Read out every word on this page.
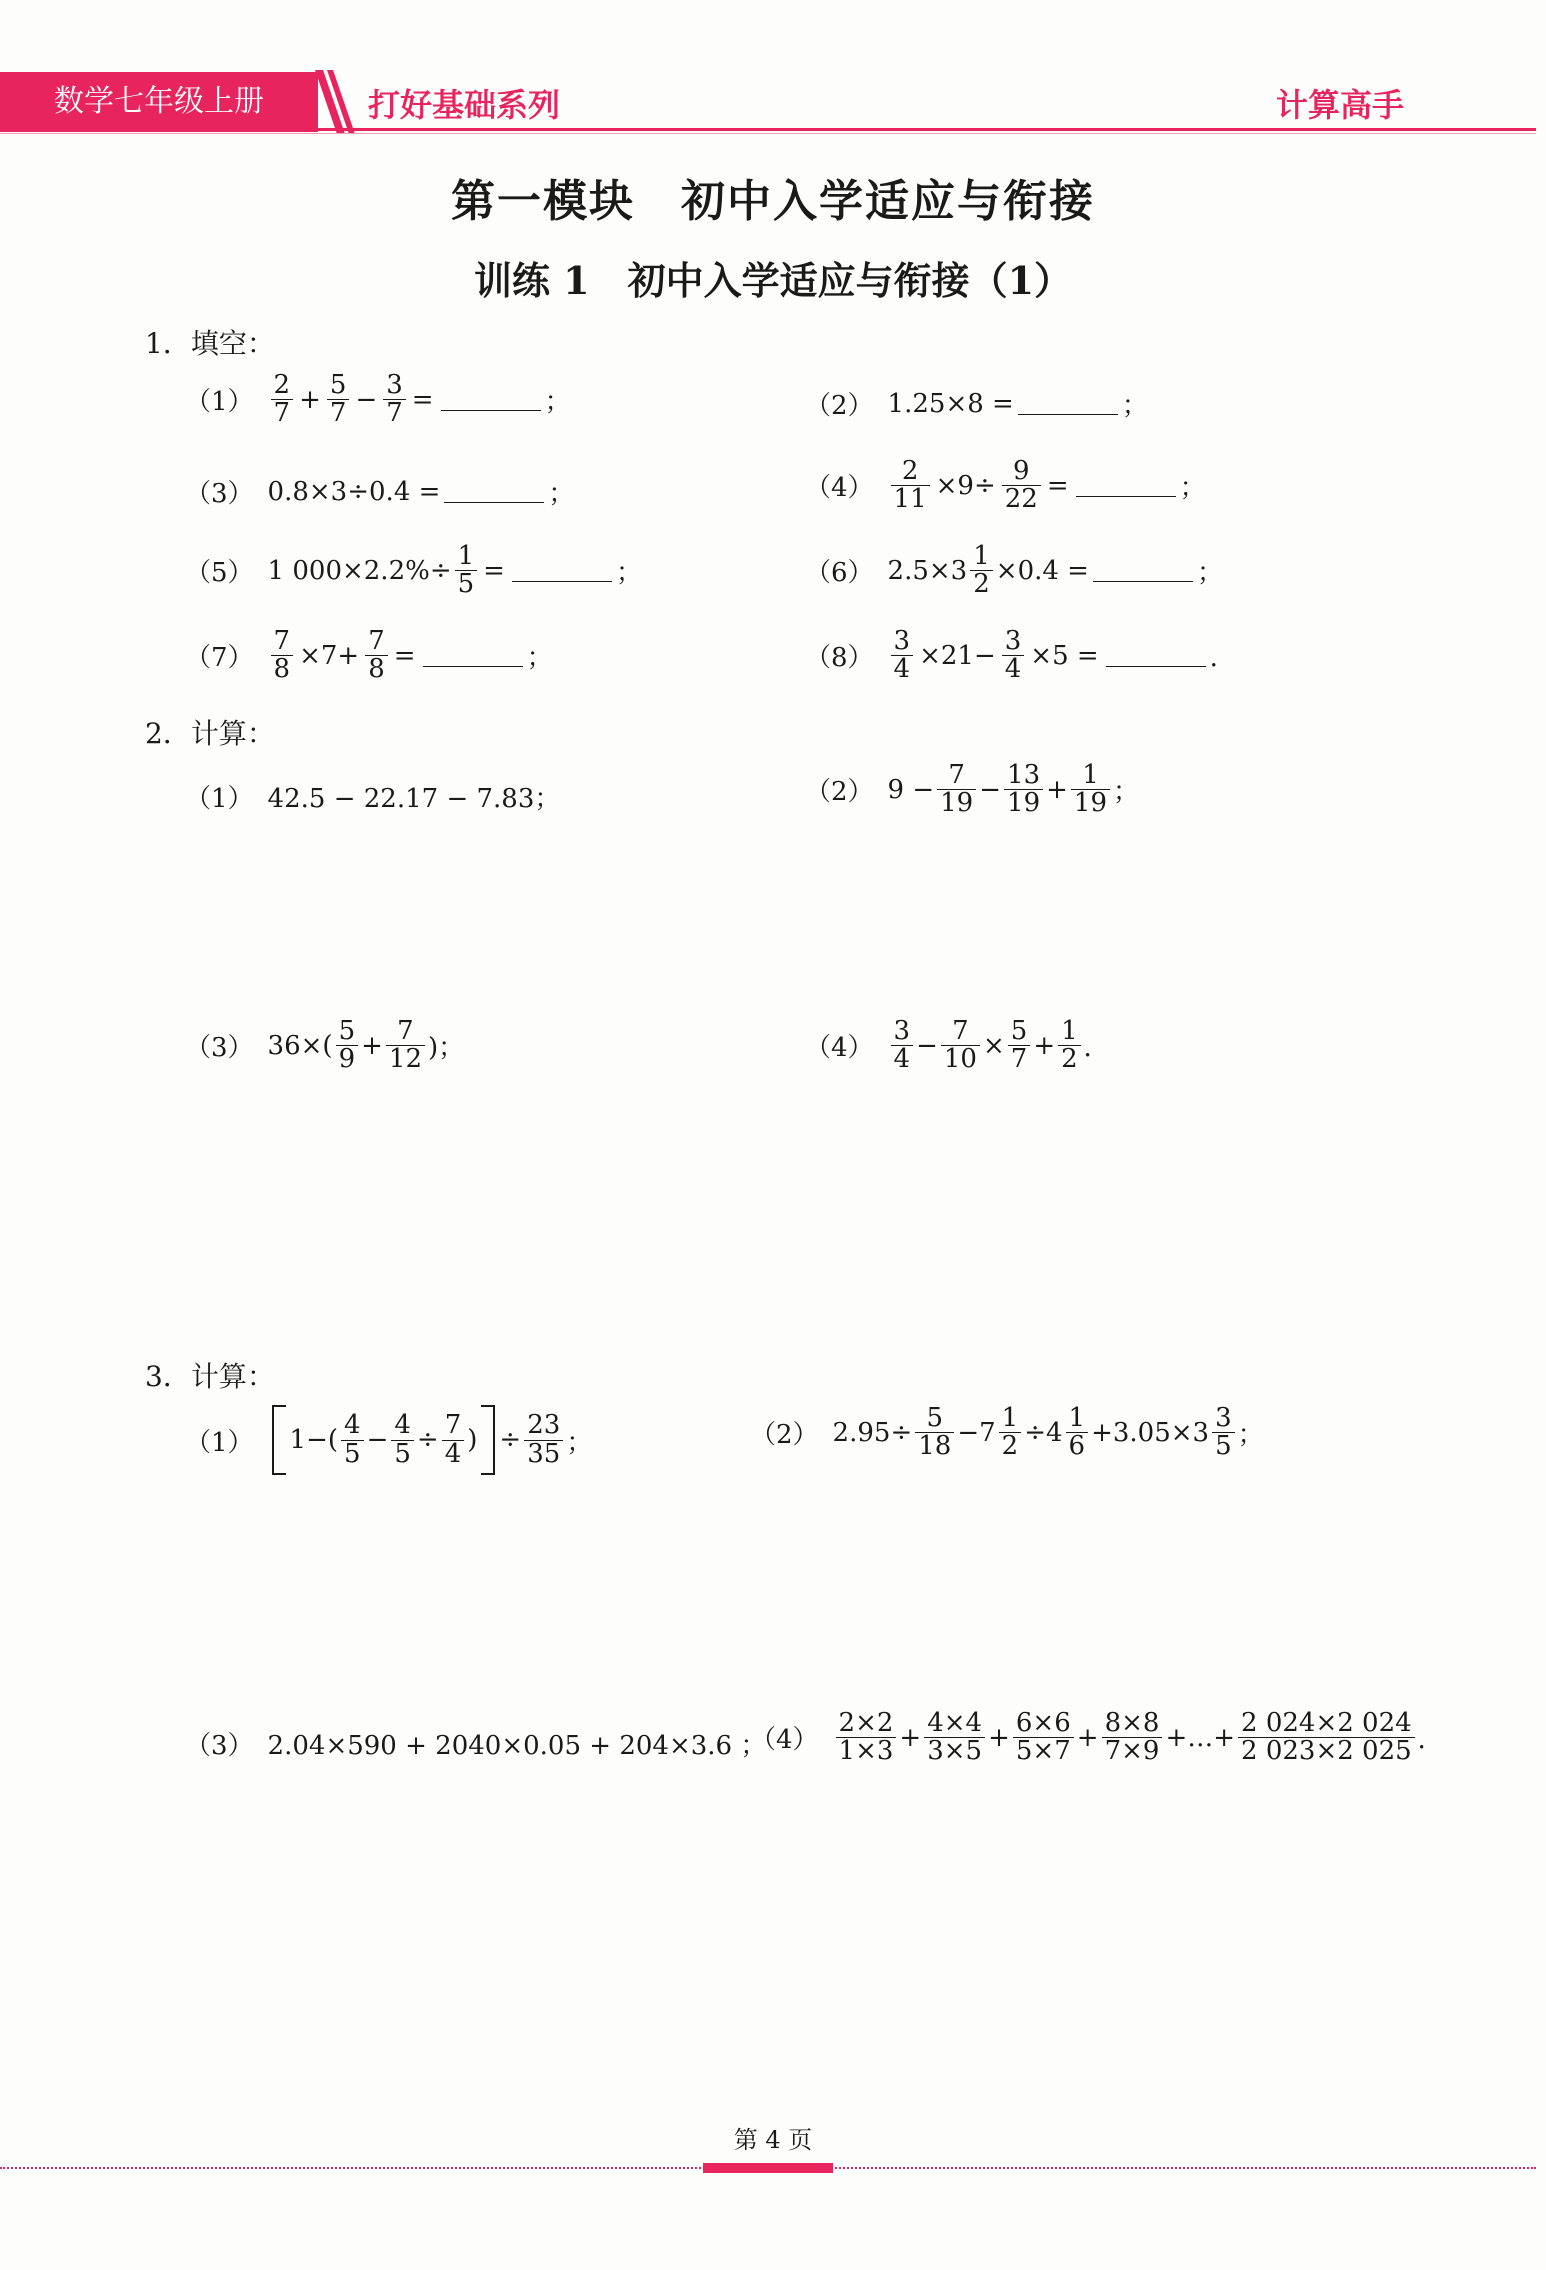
数学七年级上册	打好基础系列	计算高手
第一模块　初中入学适应与衔接
训练 1　初中入学适应与衔接（1）
1．填空：
$(1) \frac{2}{7} + \frac{5}{7} - \frac{3}{7}$ =	；	（2） 1.25×8 =	；
（3） 0.8×3÷0.4 =	；	$(4) \frac{2}{11} \times 9\div \frac{9}{22}$ =	；
（5） 1 $000\times 2.2\%\div \frac{1}{5}$ =	；	（6） $2.5\times 3 \frac{1}{2} \times 0.4$ =	；
$(7) \frac{7}{8} \times 7+ \frac{7}{8}$ =	；	$(8) \frac{3}{4} \times 21- \frac{3}{4} \times 5$ =	．
2．计算：
（1） 42.5 − 22.17 − 7.83；	（2） $9 - \frac{7}{19} - \frac{13}{19} + \frac{1}{19}$ ；
（3） $36\times( \frac{5}{9} + \frac{7}{12}$ )；	$(4) \frac{3}{4} - \frac{7}{10} \times \frac{5}{7} + \frac{1}{2}$ ．
3．计算：
（1） $1-( \frac{4}{5} - \frac{4}{5} \div \frac{7}{4}$ ) ÷ $\frac{23}{35}$ ；	（2） $2.95\div \frac{5}{18} -7 \frac{1}{2} \div 4 \frac{1}{6} +3.05\times 3 \frac{3}{5}$ ；
（3） 2.04×590 + 2040×0.05 + 204×3.6 ；
$(4) \frac{2\times 2}{1\times 3} + \frac{4\times 4}{3\times 5} + \frac{6\times 6}{5\times 7} + \frac{8\times 8}{7\times 9}$ +…+ $\frac{2 024\times 2 024}{2 023\times 2 025}$ ．
第 4 页
